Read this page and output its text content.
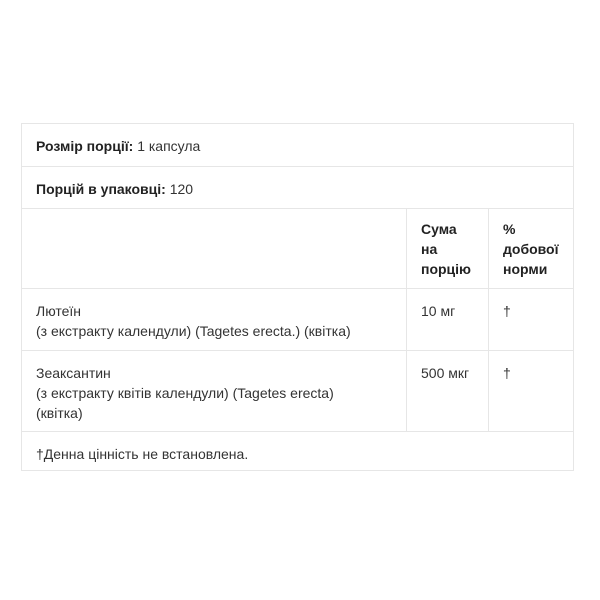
Розмір порції: 1 капсула
Порцій в упаковці: 120
Сума
на
порцію
%
добової
норми
Лютеїн
(з екстракту календули) (Tagetes erecta.) (квітка)
10 мг	†
Зеаксантин
(з екстракту квітів календули) (Tagetes erecta)
(квітка)
500 мкг	†
†Денна цінність не встановлена.
